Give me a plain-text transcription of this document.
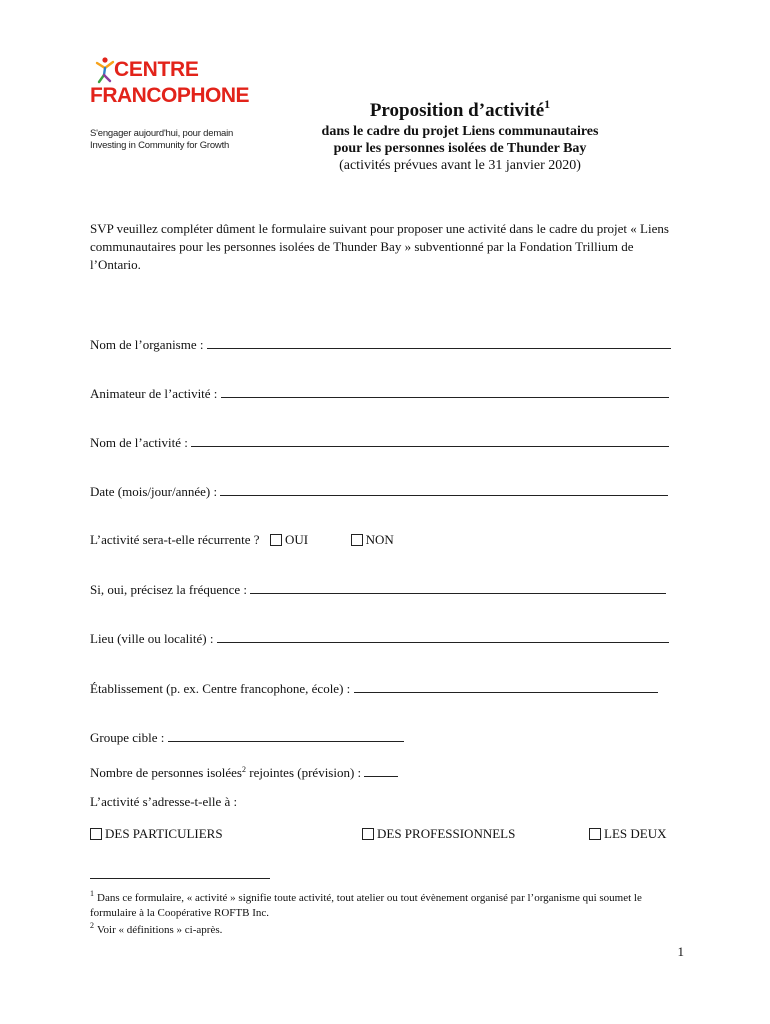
CENTRE
FRANCOPHONE
S'engager aujourd'hui, pour demain
Investing in Community for Growth
Proposition d’activité$^1$
dans le cadre du projet Liens communautaires
pour les personnes isolées de Thunder Bay
(activités prévues avant le 31 janvier 2020)
SVP veuillez compléter dûment le formulaire suivant pour proposer une activité dans le cadre du projet « Liens communautaires pour les personnes isolées de Thunder Bay » subventionné par la Fondation Trillium de l’Ontario.
Nom de l’organisme :
Animateur de l’activité :
Nom de l’activité :
Date (mois/jour/année) :
L’activité sera-t-elle récurrente ? OUI	NON
Si, oui, précisez la fréquence :
Lieu (ville ou localité) :
Établissement (p. ex. Centre francophone, école) :
Groupe cible :
Nombre de personnes isolées$^2$ rejointes (prévision) :
L’activité s’adresse-t-elle à :
DES PARTICULIERS	DES PROFESSIONNELS	LES DEUX
$^1$ Dans ce formulaire, « activité » signifie toute activité, tout atelier ou tout évènement organisé par l’organisme qui soumet le formulaire à la Coopérative ROFTB Inc.
$^2$ Voir « définitions » ci-après.
1
